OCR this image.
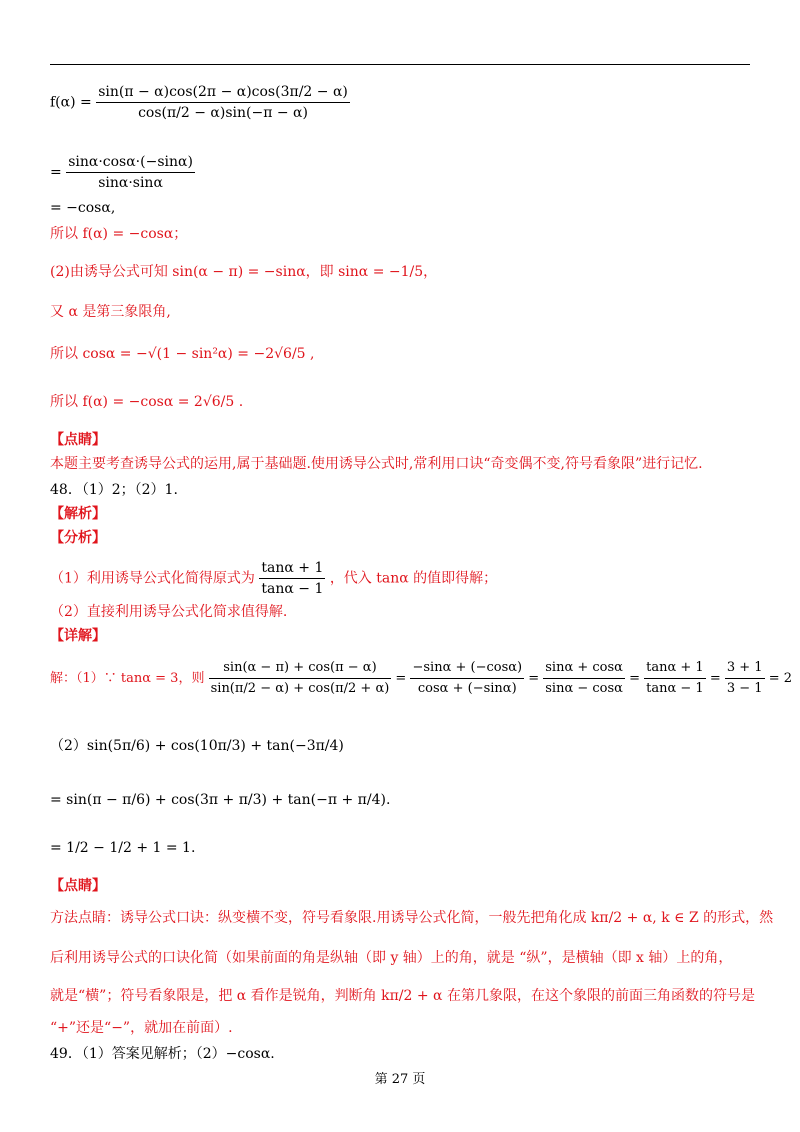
$f(\alpha) = \frac{\sin(\pi - \alpha)\cos(2\pi - \alpha)\cos(3\pi/2 - \alpha)}{\cos(\pi/2 - \alpha)\sin(-\pi - \alpha)}$
= $\frac{\sin\alpha\cdot\cos\alpha\cdot(-\sin\alpha)}{\sin\alpha\cdot\sin\alpha}$
= −cosα,
所以 f(α) = −cosα；
(2)由诱导公式可知 sin(α − π) = −sinα，即 sinα = −1/5，
又 α 是第三象限角,
所以 cosα = −√(1 − sin²α) = −2√6/5 ,
所以 f(α) = −cosα = 2√6/5 .
【点睛】
本题主要考查诱导公式的运用,属于基础题.使用诱导公式时,常利用口诀“奇变偶不变,符号看象限”进行记忆.
48．（1）2；（2）1.
【解析】
【分析】
（1）利用诱导公式化简得原式为 $\frac{\tan\alpha + 1}{\tan\alpha - 1}$ ，代入 tanα 的值即得解；
（2）直接利用诱导公式化简求值得解.
【详解】
解：（1）∵ tanα = 3，则 $\frac{\sin(\alpha - \pi) + \cos(\pi - \alpha)}{\sin(\pi/2 - \alpha) + \cos(\pi/2 + \alpha)} = \frac{-\sin\alpha + (-\cos\alpha)}{\cos\alpha + (-\sin\alpha)} = \frac{\sin\alpha + \cos\alpha}{\sin\alpha - \cos\alpha} = \frac{\tan\alpha + 1}{\tan\alpha - 1} = \frac{3 + 1}{3 - 1} = 2$
（2）sin(5π/6) + cos(10π/3) + tan(−3π/4)
= sin(π − π/6) + cos(3π + π/3) + tan(−π + π/4).
= 1/2 − 1/2 + 1 = 1.
【点睛】
方法点睛：诱导公式口诀：纵变横不变，符号看象限.用诱导公式化简，一般先把角化成 kπ/2 + α, k ∈ Z 的形式，然
后利用诱导公式的口诀化简（如果前面的角是纵轴（即 y 轴）上的角，就是 “纵”，是横轴（即 x 轴）上的角，
就是“横”；符号看象限是，把 α 看作是锐角，判断角 kπ/2 + α 在第几象限，在这个象限的前面三角函数的符号是
“+”还是“−”，就加在前面）.
49．（1）答案见解析；（2）−cosα.
第 27 页
